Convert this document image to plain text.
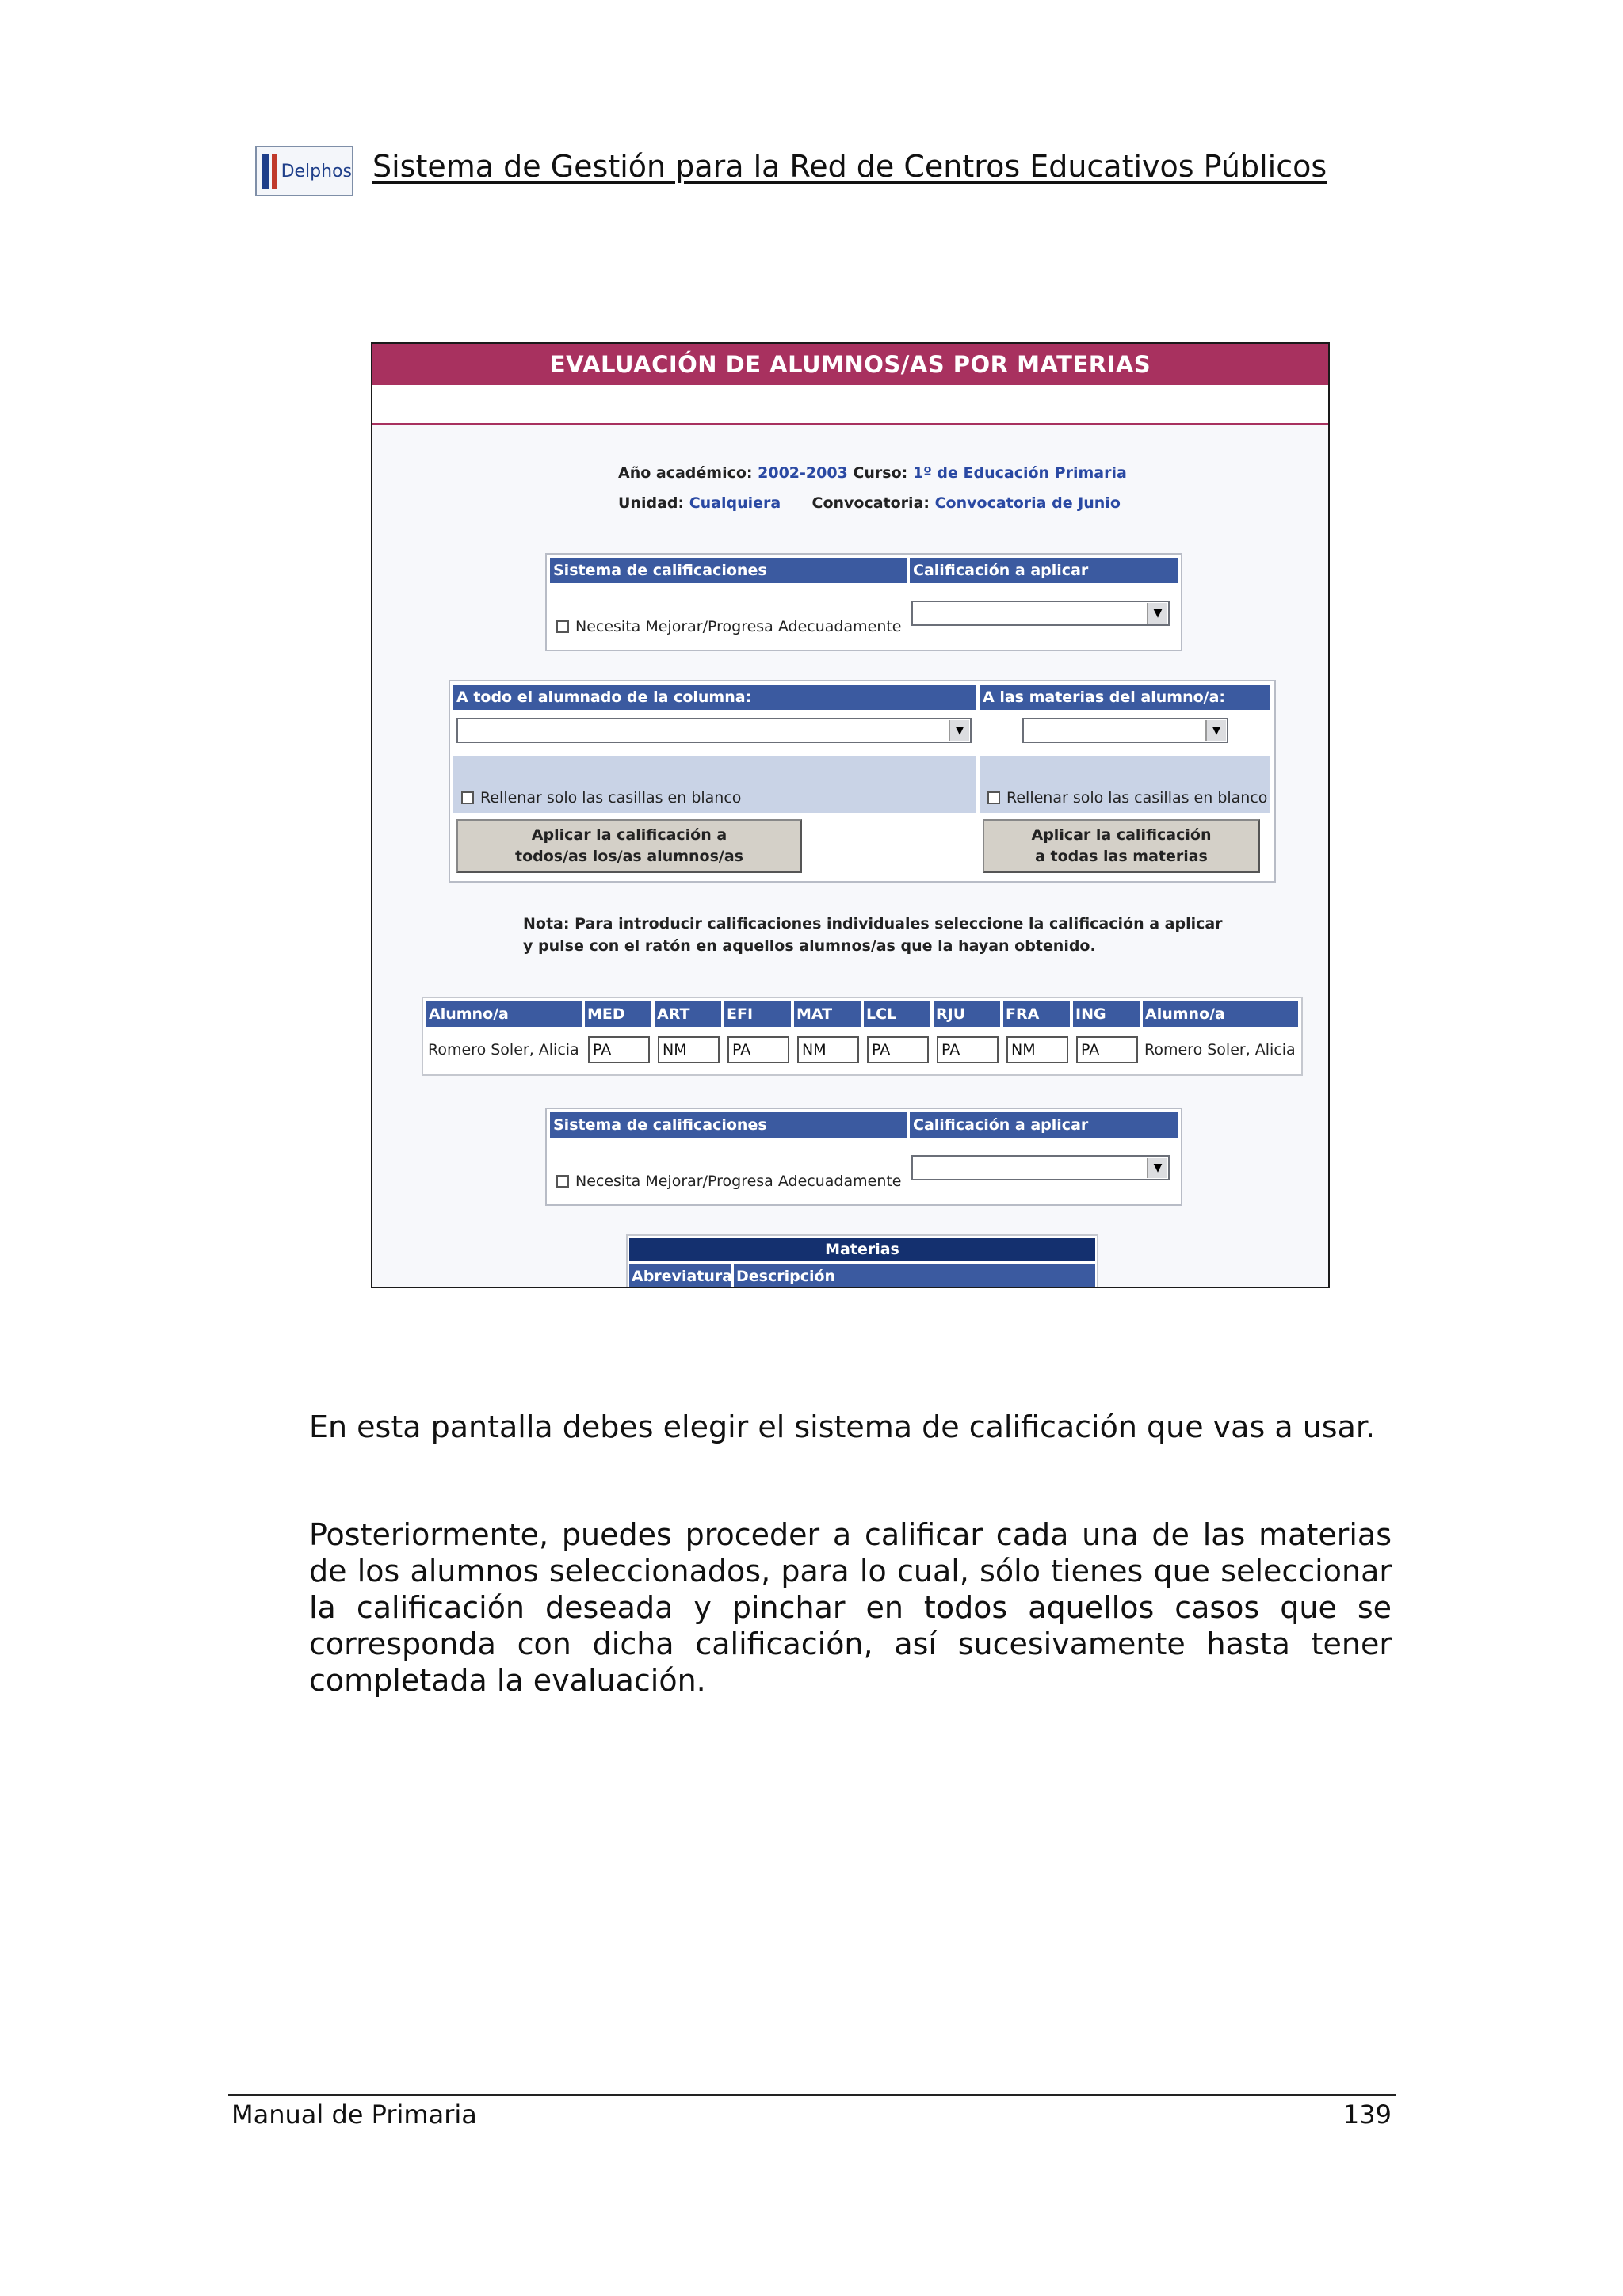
Delphos Sistema de Gestión para la Red de Centros Educativos Públicos
EVALUACIÓN DE ALUMNOS/AS POR MATERIAS
Año académico: 2002-2003 Curso: 1º de Educación Primaria
Unidad: Cualquiera Convocatoria: Convocatoria de Junio
Sistema de calificaciones	Calificación a aplicar
Necesita Mejorar/Progresa Adecuadamente
▼
A todo el alumnado de la columna:	A las materias del alumno/a:
▼	▼
Rellenar solo las casillas en blanco	Rellenar solo las casillas en blanco
Aplicar la calificación a
todos/as los/as alumnos/as
Aplicar la calificación
a todas las materias
Nota: Para introducir calificaciones individuales seleccione la calificación a aplicar
y pulse con el ratón en aquellos alumnos/as que la hayan obtenido.
Alumno/a	MED	ART	EFI	MAT	LCL	RJU	FRA	ING	Alumno/a
Romero Soler, Alicia PA	NM	PA	NM	PA	PA	NM	PA	Romero Soler, Alicia
Sistema de calificaciones	Calificación a aplicar
Necesita Mejorar/Progresa Adecuadamente
▼
Materias
Abreviatura Descripción
En esta pantalla debes elegir el sistema de calificación que vas a usar.
Posteriormente, puedes proceder a calificar cada una de las materias de los alumnos seleccionados, para lo cual, sólo tienes que seleccionar la calificación deseada y pinchar en todos aquellos casos que se corresponda con dicha calificación, así sucesivamente hasta tener completada la evaluación.
Manual de Primaria	139
